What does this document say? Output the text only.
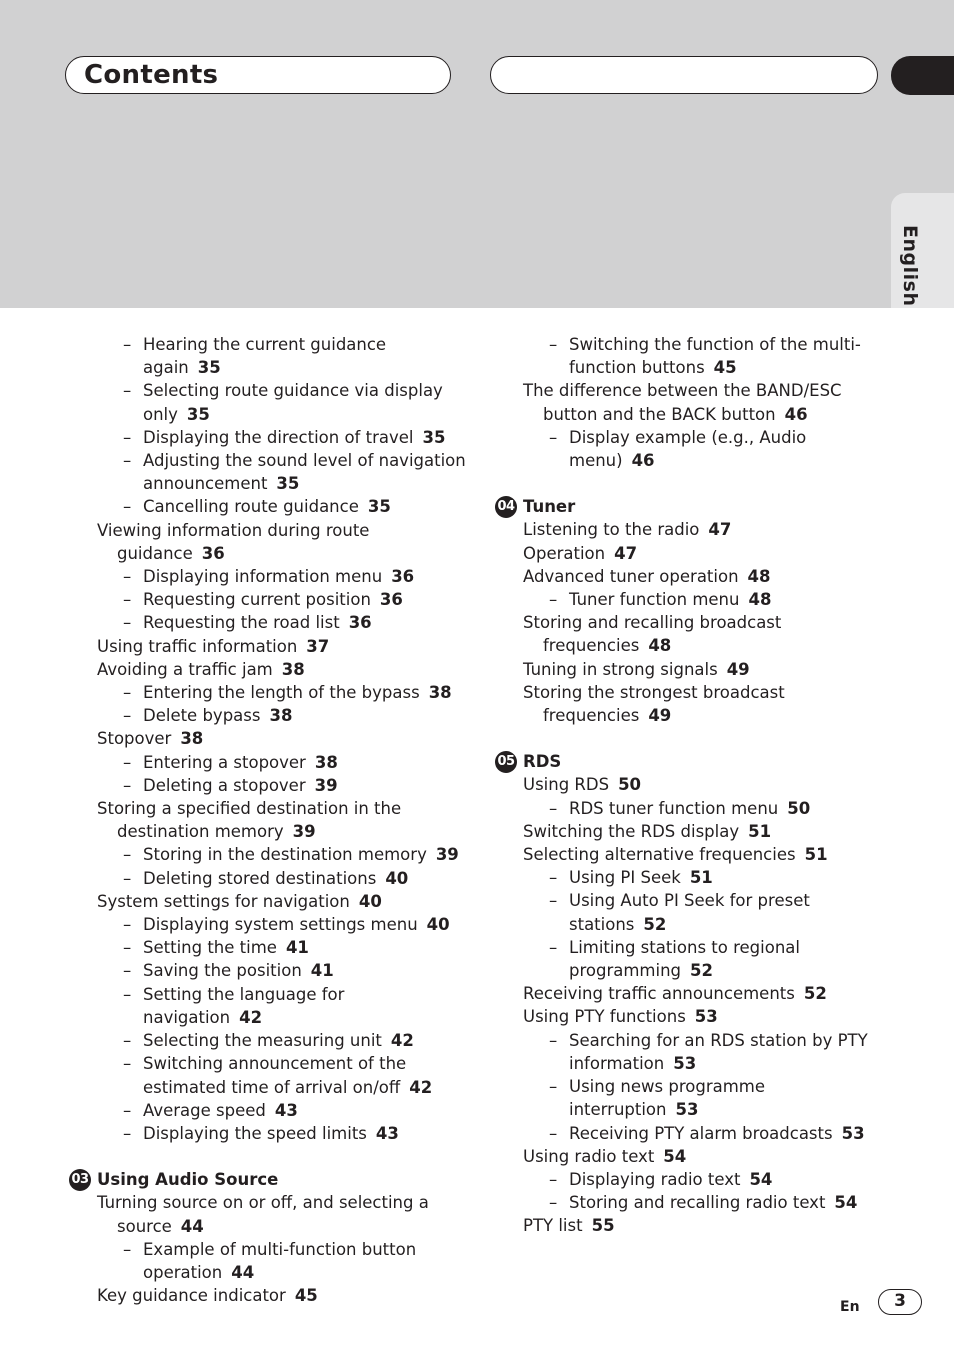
Contents
English
– Hearing the current guidance again 35
– Selecting route guidance via display only 35
– Displaying the direction of travel 35
– Adjusting the sound level of navigation announcement 35
– Cancelling route guidance 35
Viewing information during route guidance 36
– Displaying information menu 36
– Requesting current position 36
– Requesting the road list 36
Using traffic information 37
Avoiding a traffic jam 38
– Entering the length of the bypass 38
– Delete bypass 38
Stopover 38
– Entering a stopover 38
– Deleting a stopover 39
Storing a specified destination in the destination memory 39
– Storing in the destination memory 39
– Deleting stored destinations 40
System settings for navigation 40
– Displaying system settings menu 40
– Setting the time 41
– Saving the position 41
– Setting the language for navigation 42
– Selecting the measuring unit 42
– Switching announcement of the estimated time of arrival on/off 42
– Average speed 43
– Displaying the speed limits 43
03 Using Audio Source
Turning source on or off, and selecting a source 44
– Example of multi-function button operation 44
Key guidance indicator 45
– Switching the function of the multi-function buttons 45
The difference between the BAND/ESC button and the BACK button 46
– Display example (e.g., Audio menu) 46
04 Tuner
Listening to the radio 47
Operation 47
Advanced tuner operation 48
– Tuner function menu 48
Storing and recalling broadcast frequencies 48
Tuning in strong signals 49
Storing the strongest broadcast frequencies 49
05 RDS
Using RDS 50
– RDS tuner function menu 50
Switching the RDS display 51
Selecting alternative frequencies 51
– Using PI Seek 51
– Using Auto PI Seek for preset stations 52
– Limiting stations to regional programming 52
Receiving traffic announcements 52
Using PTY functions 53
– Searching for an RDS station by PTY information 53
– Using news programme interruption 53
– Receiving PTY alarm broadcasts 53
Using radio text 54
– Displaying radio text 54
– Storing and recalling radio text 54
PTY list 55
En	3
